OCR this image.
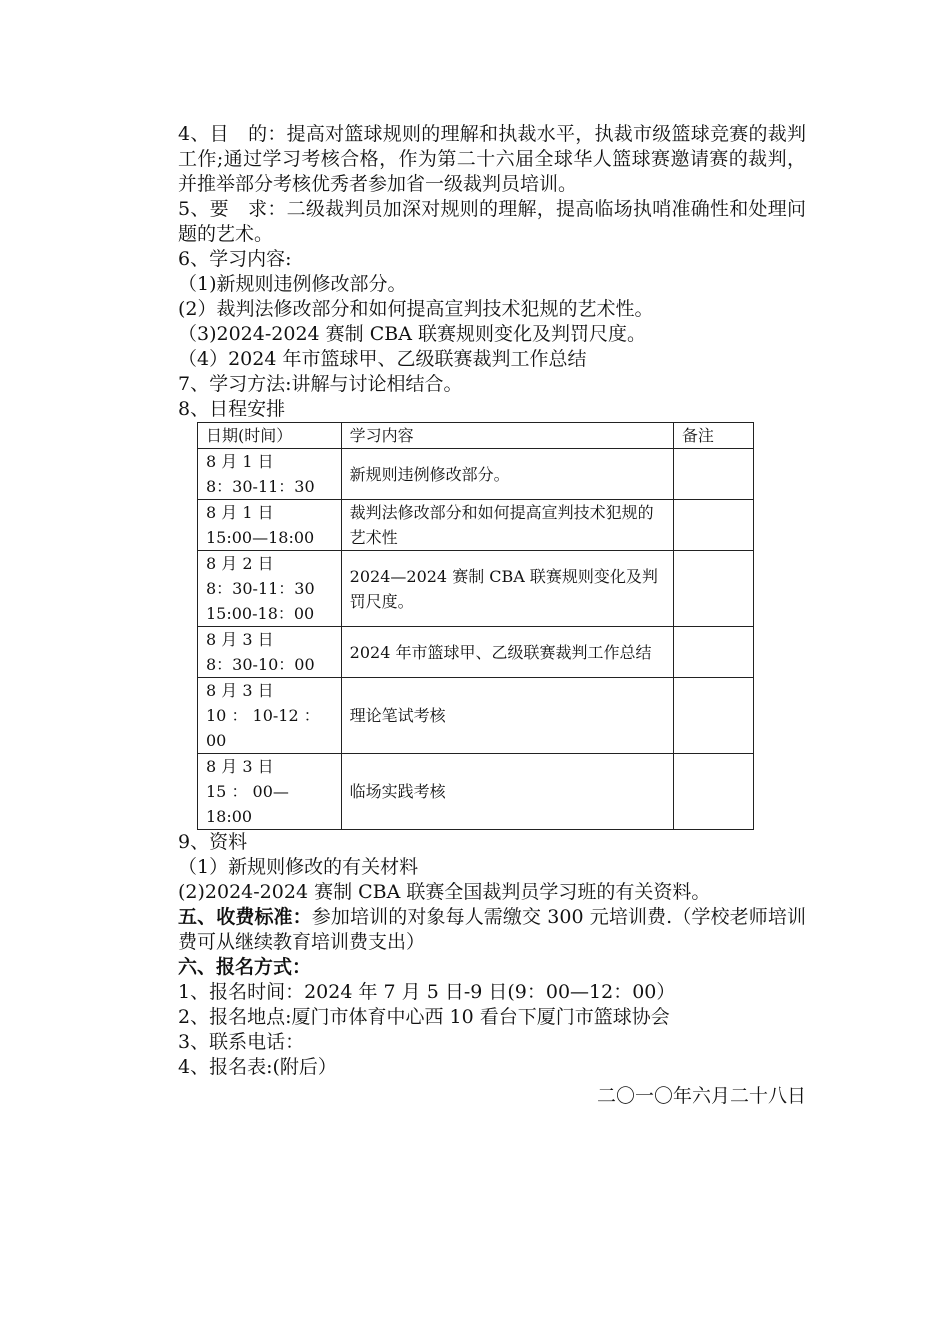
4、目　的：提高对篮球规则的理解和执裁水平，执裁市级篮球竞赛的裁判工作;通过学习考核合格，作为第二十六届全球华人篮球赛邀请赛的裁判，并推举部分考核优秀者参加省一级裁判员培训。

5、要　求：二级裁判员加深对规则的理解，提高临场执哨准确性和处理问题的艺术。

6、学习内容:

（1)新规则违例修改部分。

(2）裁判法修改部分和如何提高宣判技术犯规的艺术性。

（3)2024-2024 赛制 CBA 联赛规则变化及判罚尺度。

（4）2024 年市篮球甲、乙级联赛裁判工作总结

7、学习方法:讲解与讨论相结合。

8、日程安排

日期(时间）	学习内容	备注

8 月 1 日
8：30-11：30	新规则违例修改部分。	

8 月 1 日
15:00—18:00	裁判法修改部分和如何提高宣判技术犯规的艺术性	

8 月 2 日
8：30-11：30
15:00-18：00	2024—2024 赛制 CBA 联赛规则变化及判罚尺度。	

8 月 3 日
8：30-10：00	2024 年市篮球甲、乙级联赛裁判工作总结	

8 月 3 日
10 ： 10-12 ：
00	理论笔试考核	

8 月 3 日
15 ： 00—
18:00	临场实践考核	

9、资料

（1）新规则修改的有关材料

(2)2024-2024 赛制 CBA 联赛全国裁判员学习班的有关资料。

五、收费标准：参加培训的对象每人需缴交 300 元培训费.（学校老师培训费可从继续教育培训费支出）

六、报名方式：

1、报名时间：2024 年 7 月 5 日-9 日(9：00—12：00）

2、报名地点:厦门市体育中心西 10 看台下厦门市篮球协会

3、联系电话：

4、报名表:(附后）

二〇一〇年六月二十八日
